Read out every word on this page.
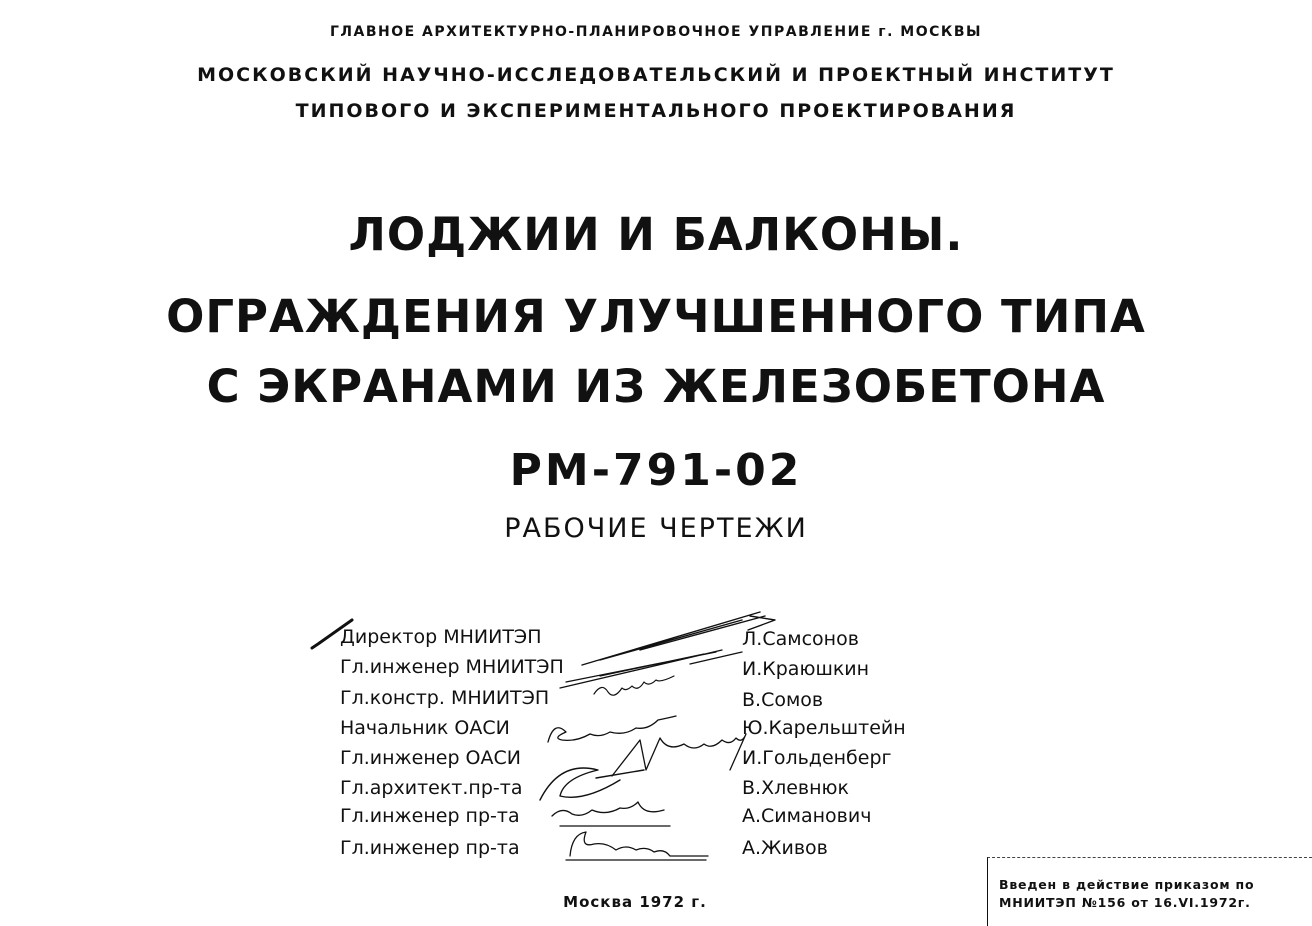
ГЛАВНОЕ АРХИТЕКТУРНО-ПЛАНИРОВОЧНОЕ УПРАВЛЕНИЕ г. МОСКВЫ
МОСКОВСКИЙ НАУЧНО-ИССЛЕДОВАТЕЛЬСКИЙ И ПРОЕКТНЫЙ ИНСТИТУТ
ТИПОВОГО И ЭКСПЕРИМЕНТАЛЬНОГО ПРОЕКТИРОВАНИЯ
ЛОДЖИИ И БАЛКОНЫ.
ОГРАЖДЕНИЯ УЛУЧШЕННОГО ТИПА
С ЭКРАНАМИ ИЗ ЖЕЛЕЗОБЕТОНА
РМ-791-02
РАБОЧИЕ ЧЕРТЕЖИ
Директор МНИИТЭП	Л.Самсонов
Гл.инженер МНИИТЭП	И.Краюшкин
Гл.констр. МНИИТЭП	В.Сомов
Начальник ОАСИ	Ю.Карельштейн
Гл.инженер ОАСИ	И.Гольденберг
Гл.архитект.пр-та	В.Хлевнюк
Гл.инженер пр-та	А.Симанович
Гл.инженер пр-та	А.Живов
Москва 1972 г.
Введен в действие приказом по
МНИИТЭП №156 от 16.VI.1972г.
